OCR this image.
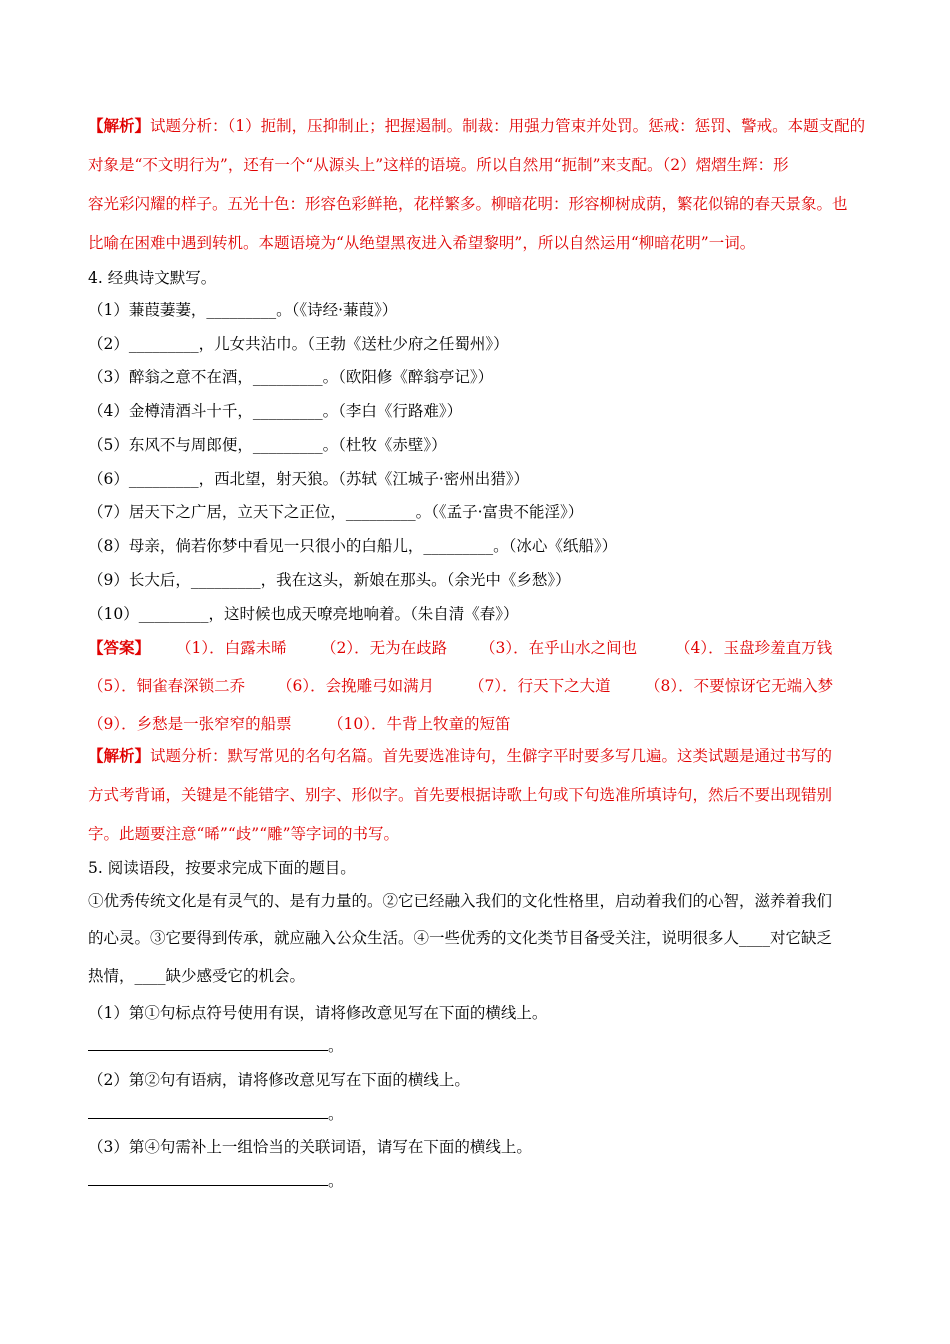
【解析】试题分析：（1）扼制，压抑制止；把握遏制。制裁：用强力管束并处罚。惩戒：惩罚、警戒。本题支配的
对象是“不文明行为”，还有一个“从源头上”这样的语境。所以自然用“扼制”来支配。（2）熠熠生辉：形
容光彩闪耀的样子。五光十色：形容色彩鲜艳，花样繁多。柳暗花明：形容柳树成荫，繁花似锦的春天景象。也
比喻在困难中遇到转机。本题语境为“从绝望黑夜进入希望黎明”，所以自然运用“柳暗花明”一词。
4. 经典诗文默写。
（1）蒹葭萋萋，_________。（《诗经·蒹葭》）
（2）_________，儿女共沾巾。（王勃《送杜少府之任蜀州》）
（3）醉翁之意不在酒，_________。（欧阳修《醉翁亭记》）
（4）金樽清酒斗十千，_________。（李白《行路难》）
（5）东风不与周郎便，_________。（杜牧《赤壁》）
（6）_________，西北望，射天狼。（苏轼《江城子·密州出猎》）
（7）居天下之广居，立天下之正位，_________。（《孟子·富贵不能淫》）
（8）母亲，倘若你梦中看见一只很小的白船儿，_________。（冰心《纸船》）
（9）长大后，_________，我在这头，新娘在那头。（余光中《乡愁》）
（10）_________，这时候也成天嘹亮地响着。（朱自清《春》）
【答案】 （1）．白露未晞 （2）．无为在歧路 （3）．在乎山水之间也 （4）．玉盘珍羞直万钱
（5）．铜雀春深锁二乔 （6）．会挽雕弓如满月 （7）．行天下之大道 （8）．不要惊讶它无端入梦
（9）．乡愁是一张窄窄的船票 （10）．牛背上牧童的短笛
【解析】试题分析：默写常见的名句名篇。首先要选准诗句，生僻字平时要多写几遍。这类试题是通过书写的
方式考背诵，关键是不能错字、别字、形似字。首先要根据诗歌上句或下句选准所填诗句，然后不要出现错别
字。此题要注意“晞”“歧”“雕”等字词的书写。
5. 阅读语段，按要求完成下面的题目。
①优秀传统文化是有灵气的、是有力量的。②它已经融入我们的文化性格里，启动着我们的心智，滋养着我们
的心灵。③它要得到传承，就应融入公众生活。④一些优秀的文化类节目备受关注，说明很多人____对它缺乏
热情，____缺少感受它的机会。
（1）第①句标点符号使用有误，请将修改意见写在下面的横线上。
。
（2）第②句有语病，请将修改意见写在下面的横线上。
。
（3）第④句需补上一组恰当的关联词语，请写在下面的横线上。
。
